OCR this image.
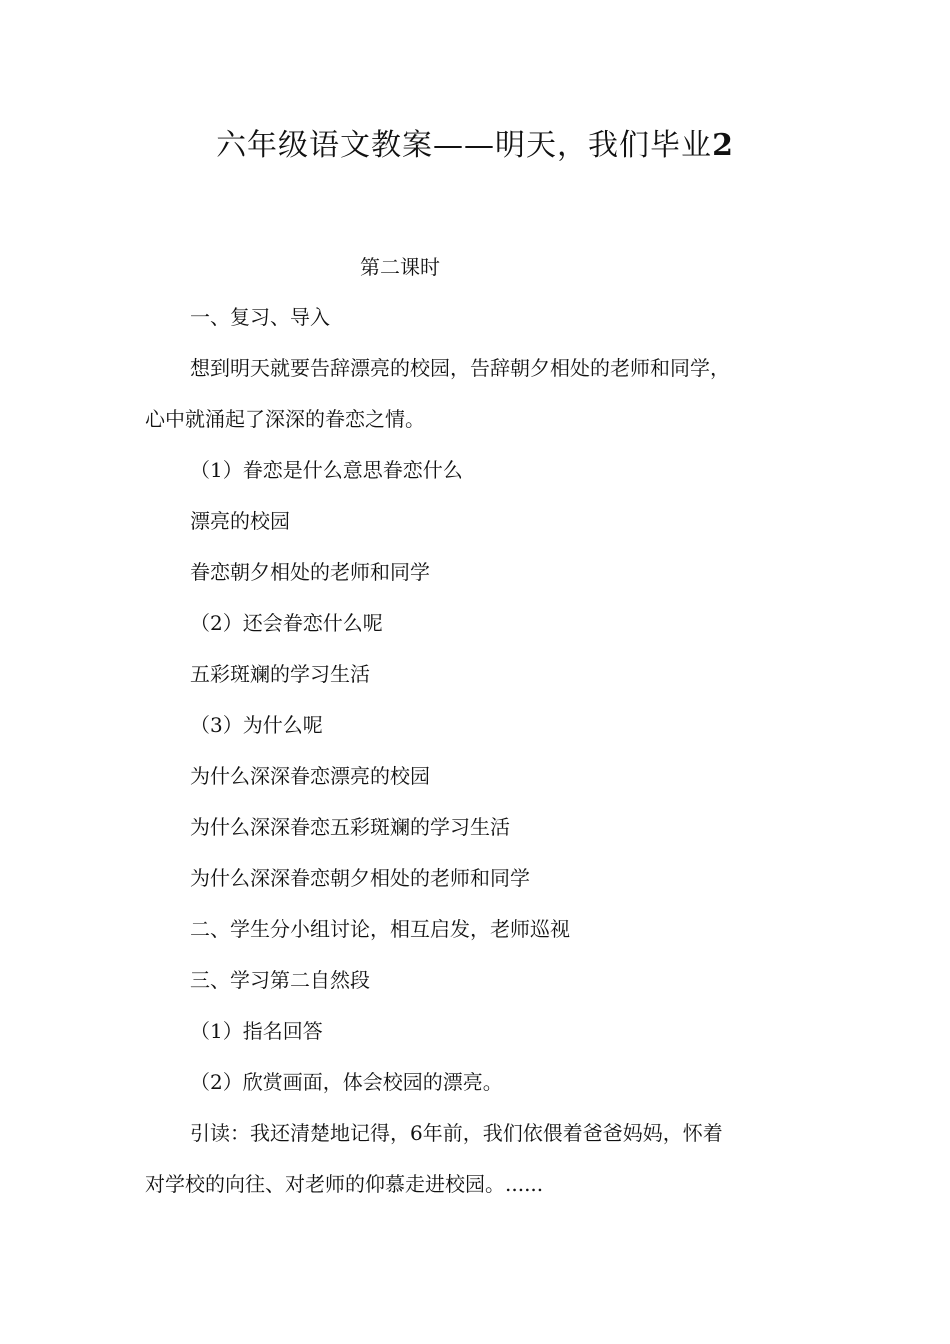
六年级语文教案——明天，我们毕业2
第二课时
一、复习、导入
想到明天就要告辞漂亮的校园，告辞朝夕相处的老师和同学，
心中就涌起了深深的眷恋之情。
（1）眷恋是什么意思眷恋什么
漂亮的校园
眷恋朝夕相处的老师和同学
（2）还会眷恋什么呢
五彩斑斓的学习生活
（3）为什么呢
为什么深深眷恋漂亮的校园
为什么深深眷恋五彩斑斓的学习生活
为什么深深眷恋朝夕相处的老师和同学
二、学生分小组讨论，相互启发，老师巡视
三、学习第二自然段
（1）指名回答
（2）欣赏画面，体会校园的漂亮。
引读：我还清楚地记得，6年前，我们依偎着爸爸妈妈，怀着
对学校的向往、对老师的仰慕走进校园。......
